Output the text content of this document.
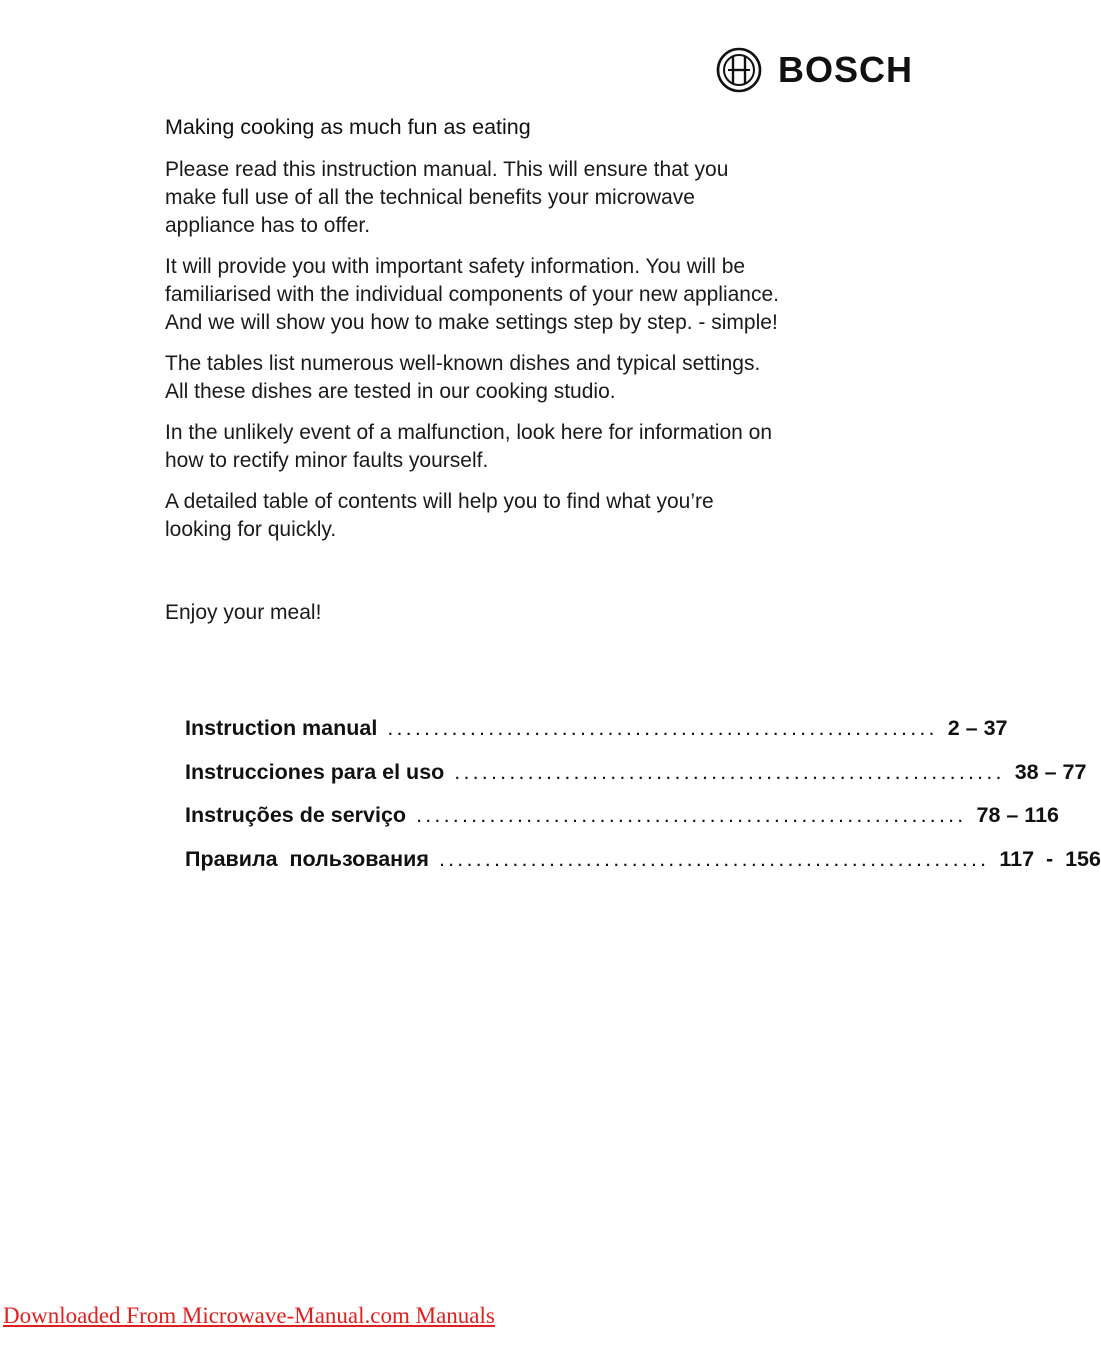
BOSCH
Making cooking as much fun as eating

Please read this instruction manual. This will ensure that you make full use of all the technical benefits your microwave appliance has to offer.

It will provide you with important safety information. You will be familiarised with the individual components of your new appliance. And we will show you how to make settings step by step. - simple!

The tables list numerous well-known dishes and typical settings. All these dishes are tested in our cooking studio.

In the unlikely event of a malfunction, look here for information on how to rectify minor faults yourself.

A detailed table of contents will help you to find what you’re looking for quickly.

Enjoy your meal!

Instruction manual ............................................................ 2 – 37
Instrucciones para el uso ............................................................ 38 – 77
Instruções de serviço ............................................................ 78 – 116
Правила  пользования ............................................................ 117  -  156
Downloaded From Microwave-Manual.com Manuals
